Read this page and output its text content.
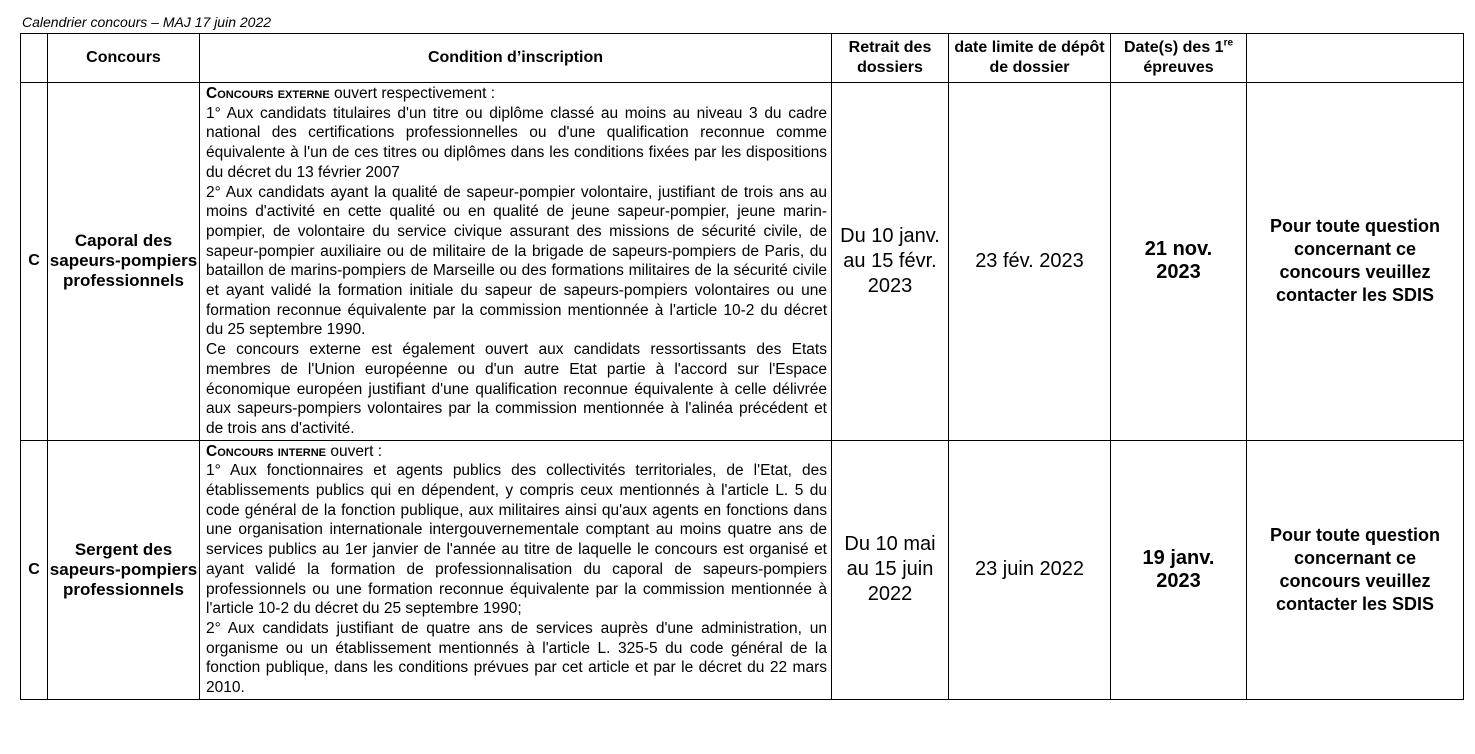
Calendrier concours – MAJ 17 juin 2022
	Concours	Condition d’inscription	Retrait des dossiers	date limite de dépôt de dossier	Date(s) des 1re épreuves	
C	Caporal des sapeurs-pompiers professionnels	Concours externe ouvert respectivement :

1° Aux candidats titulaires d'un titre ou diplôme classé au moins au niveau 3 du cadre national des certifications professionnelles ou d'une qualification reconnue comme équivalente à l'un de ces titres ou diplômes dans les conditions fixées par les dispositions du décret du 13 février 2007

2° Aux candidats ayant la qualité de sapeur-pompier volontaire, justifiant de trois ans au moins d'activité en cette qualité ou en qualité de jeune sapeur-pompier, jeune marin-pompier, de volontaire du service civique assurant des missions de sécurité civile, de sapeur-pompier auxiliaire ou de militaire de la brigade de sapeurs-pompiers de Paris, du bataillon de marins-pompiers de Marseille ou des formations militaires de la sécurité civile et ayant validé la formation initiale du sapeur de sapeurs-pompiers volontaires ou une formation reconnue équivalente par la commission mentionnée à l'article 10-2 du décret du 25 septembre 1990.

Ce concours externe est également ouvert aux candidats ressortissants des Etats membres de l'Union européenne ou d'un autre Etat partie à l'accord sur l'Espace économique européen justifiant d'une qualification reconnue équivalente à celle délivrée aux sapeurs-pompiers volontaires par la commission mentionnée à l'alinéa précédent et de trois ans d'activité.	Du 10 janv. au 15 févr. 2023	23 fév. 2023	21 nov. 2023	Pour toute question concernant ce concours veuillez contacter les SDIS

C	Sergent des sapeurs-pompiers professionnels	Concours interne ouvert :

1° Aux fonctionnaires et agents publics des collectivités territoriales, de l'Etat, des établissements publics qui en dépendent, y compris ceux mentionnés à l'article L. 5 du code général de la fonction publique, aux militaires ainsi qu'aux agents en fonctions dans une organisation internationale intergouvernementale comptant au moins quatre ans de services publics au 1er janvier de l'année au titre de laquelle le concours est organisé et ayant validé la formation de professionnalisation du caporal de sapeurs-pompiers professionnels ou une formation reconnue équivalente par la commission mentionnée à l'article 10-2 du décret du 25 septembre 1990;

2° Aux candidats justifiant de quatre ans de services auprès d'une administration, un organisme ou un établissement mentionnés à l'article L. 325-5 du code général de la fonction publique, dans les conditions prévues par cet article et par le décret du 22 mars 2010.	Du 10 mai au 15 juin 2022	23 juin 2022	19 janv. 2023	Pour toute question concernant ce concours veuillez contacter les SDIS
